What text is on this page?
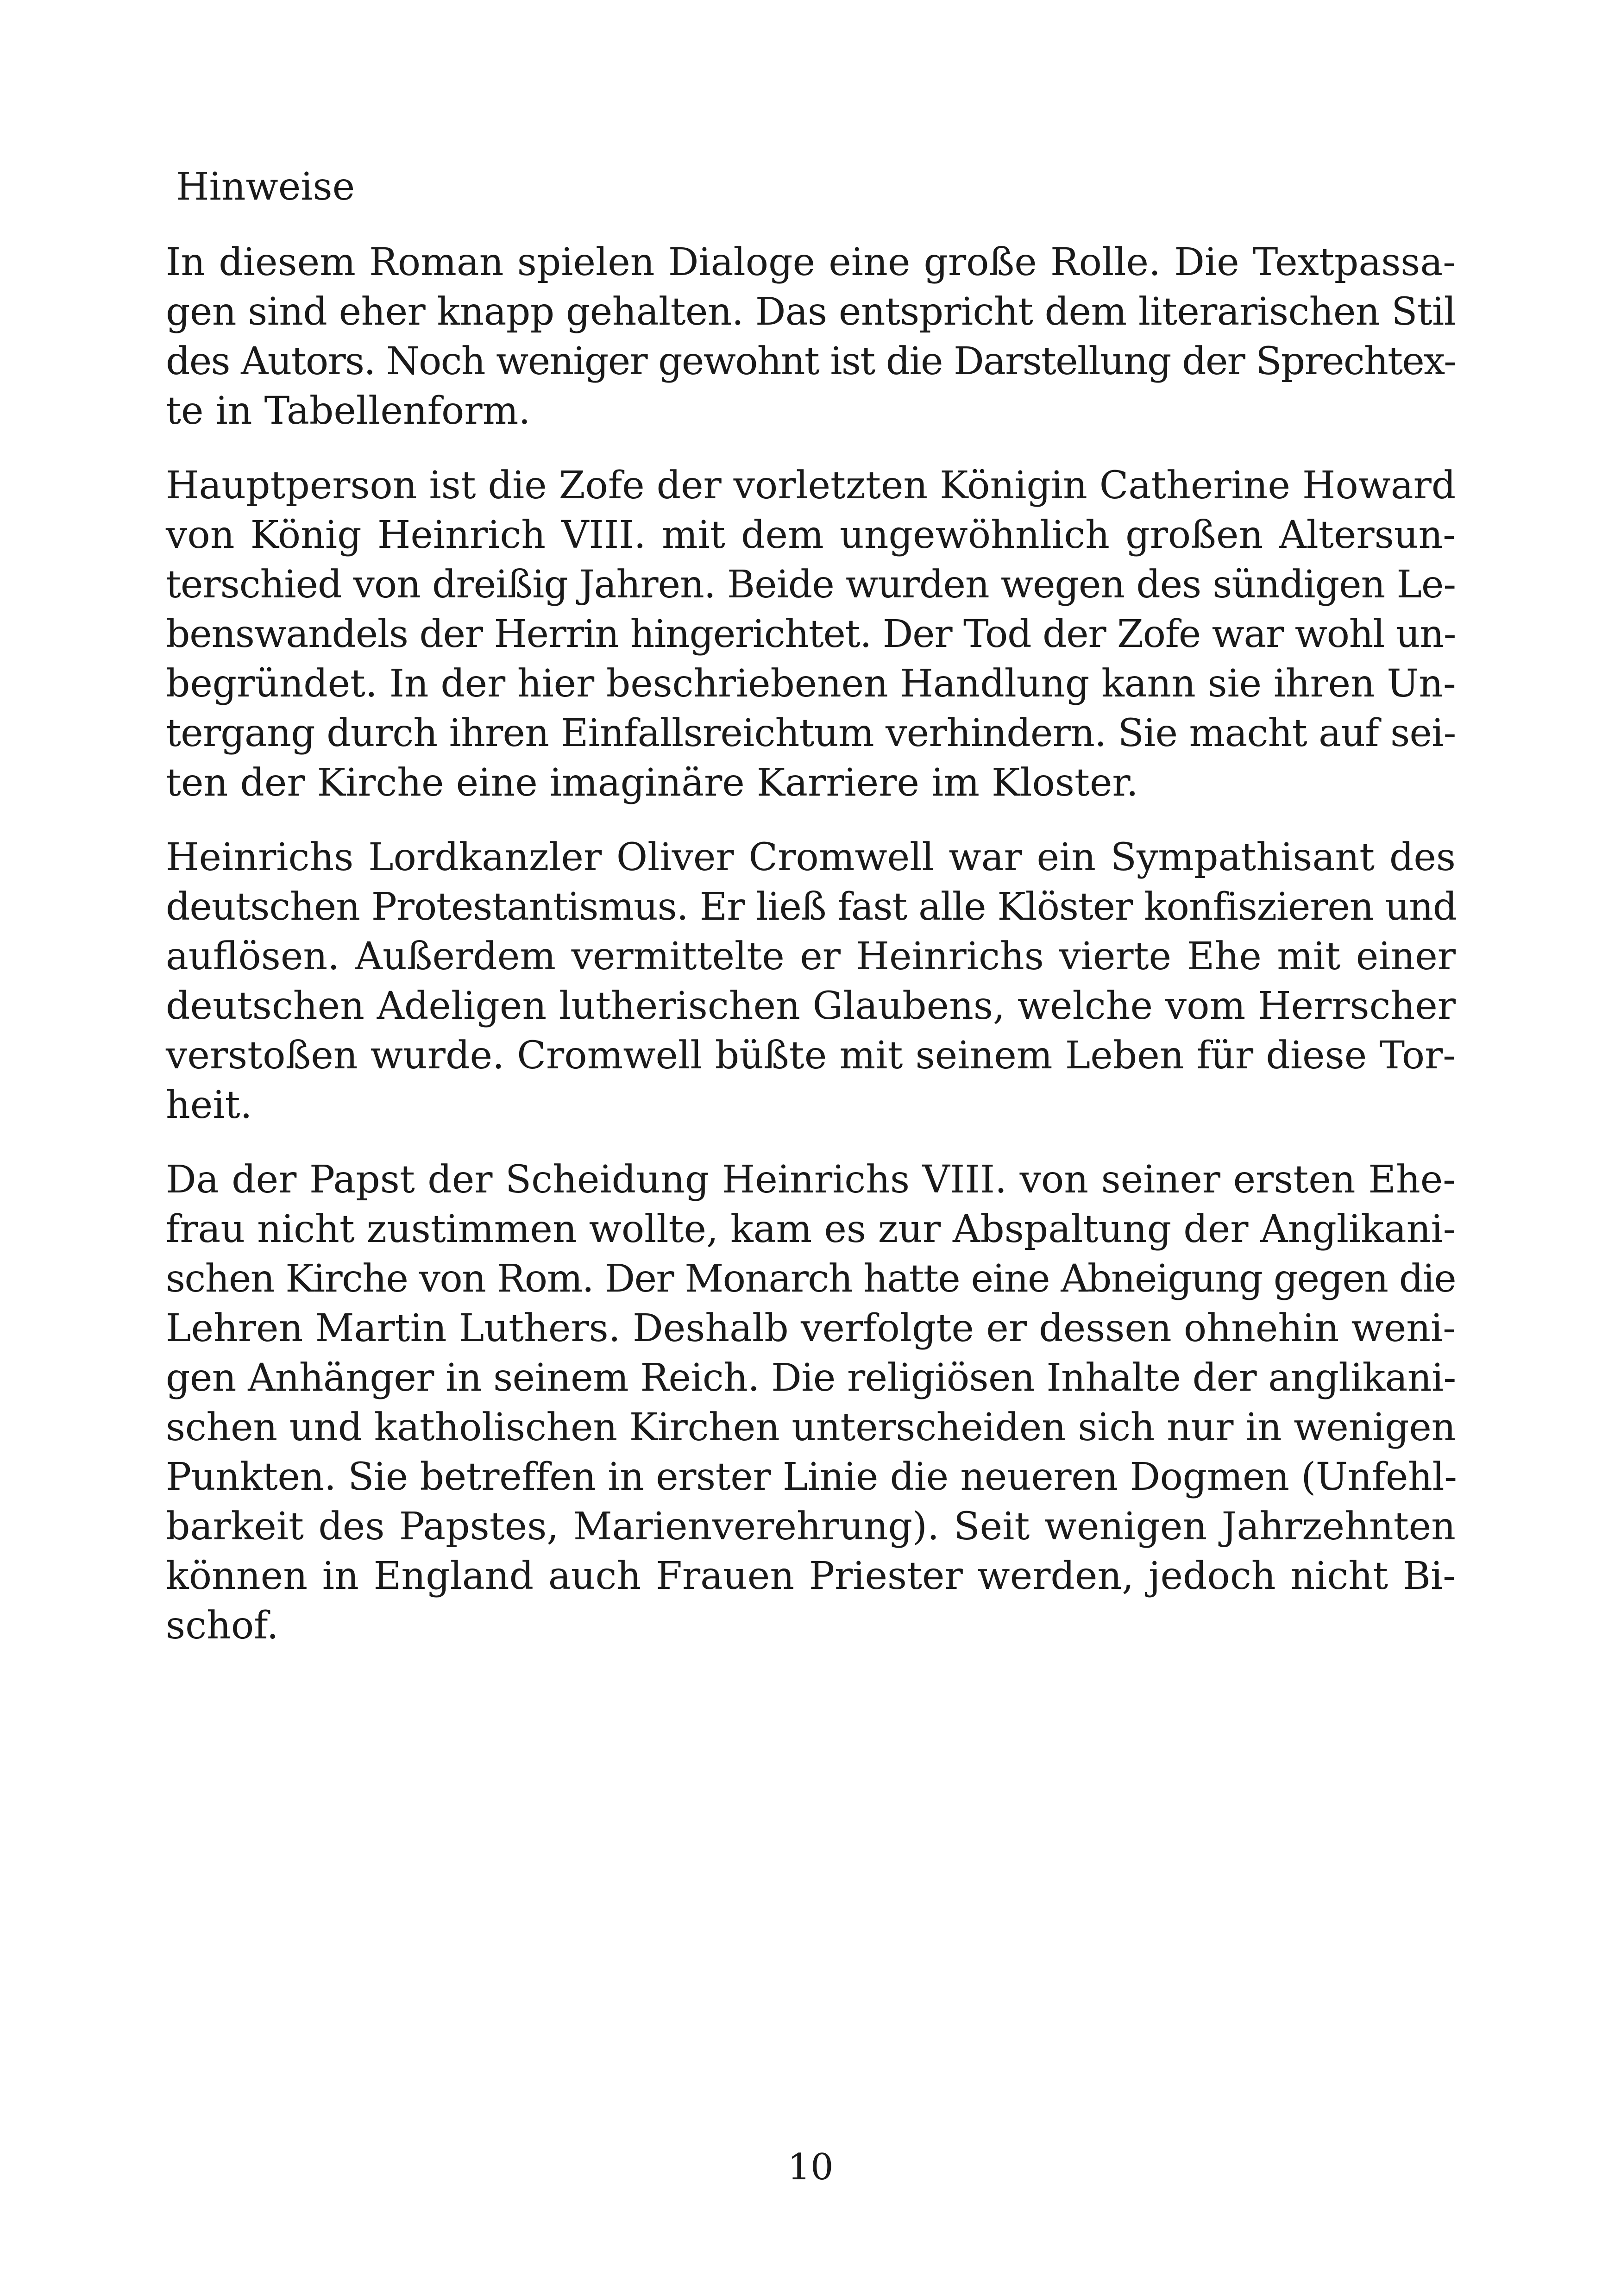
Hinweise
In diesem Roman spielen Dialoge eine große Rolle. Die Textpassa-
gen sind eher knapp gehalten. Das entspricht dem literarischen Stil
des Autors. Noch weniger gewohnt ist die Darstellung der Sprechtex-
te in Tabellenform.
Hauptperson ist die Zofe der vorletzten Königin Catherine Howard
von König Heinrich VIII. mit dem ungewöhnlich großen Altersun-
terschied von dreißig Jahren. Beide wurden wegen des sündigen Le-
benswandels der Herrin hingerichtet. Der Tod der Zofe war wohl un-
begründet. In der hier beschriebenen Handlung kann sie ihren Un-
tergang durch ihren Einfallsreichtum verhindern. Sie macht auf sei-
ten der Kirche eine imaginäre Karriere im Kloster.
Heinrichs Lordkanzler Oliver Cromwell war ein Sympathisant des
deutschen Protestantismus. Er ließ fast alle Klöster konfiszieren und
auflösen. Außerdem vermittelte er Heinrichs vierte Ehe mit einer
deutschen Adeligen lutherischen Glaubens, welche vom Herrscher
verstoßen wurde. Cromwell büßte mit seinem Leben für diese Tor-
heit.
Da der Papst der Scheidung Heinrichs VIII. von seiner ersten Ehe-
frau nicht zustimmen wollte, kam es zur Abspaltung der Anglikani-
schen Kirche von Rom. Der Monarch hatte eine Abneigung gegen die
Lehren Martin Luthers. Deshalb verfolgte er dessen ohnehin weni-
gen Anhänger in seinem Reich. Die religiösen Inhalte der anglikani-
schen und katholischen Kirchen unterscheiden sich nur in wenigen
Punkten. Sie betreffen in erster Linie die neueren Dogmen (Unfehl-
barkeit des Papstes, Marienverehrung). Seit wenigen Jahrzehnten
können in England auch Frauen Priester werden, jedoch nicht Bi-
schof.
10
